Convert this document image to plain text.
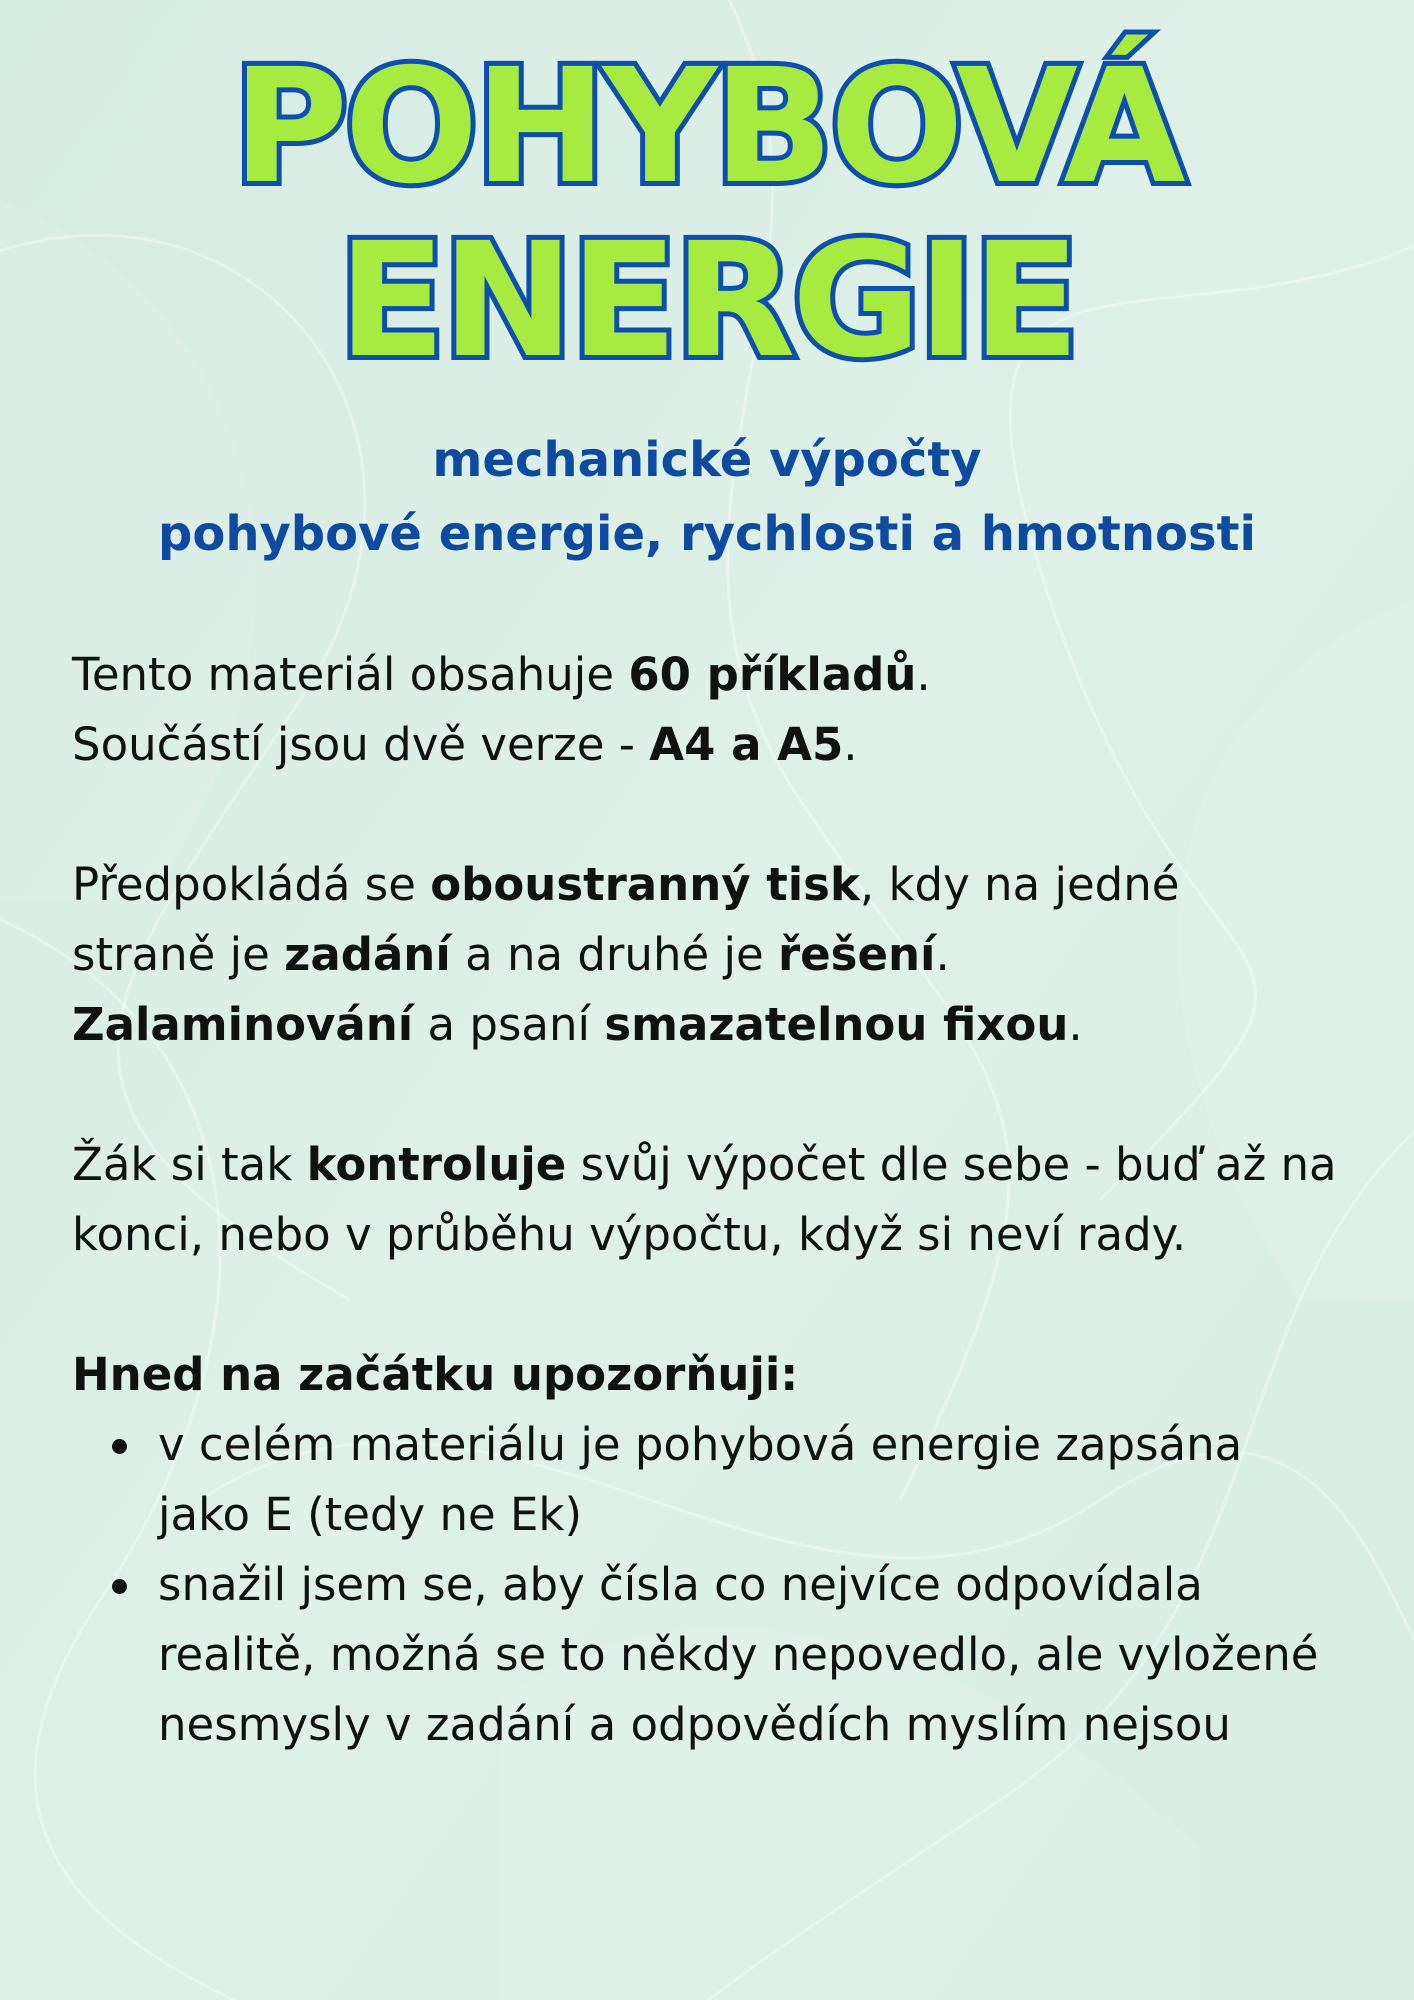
POHYBOVÁ
ENERGIE
mechanické výpočty
pohybové energie, rychlosti a hmotnosti
Tento materiál obsahuje 60 příkladů.
Součástí jsou dvě verze - A4 a A5.
Předpokládá se oboustranný tisk, kdy na jedné
straně je zadání a na druhé je řešení.
Zalaminování a psaní smazatelnou fixou.
Žák si tak kontroluje svůj výpočet dle sebe - buď až na
konci, nebo v průběhu výpočtu, když si neví rady.
Hned na začátku upozorňuji:
v celém materiálu je pohybová energie zapsána
jako E (tedy ne Ek)
snažil jsem se, aby čísla co nejvíce odpovídala
realitě, možná se to někdy nepovedlo, ale vyložené
nesmysly v zadání a odpovědích myslím nejsou
